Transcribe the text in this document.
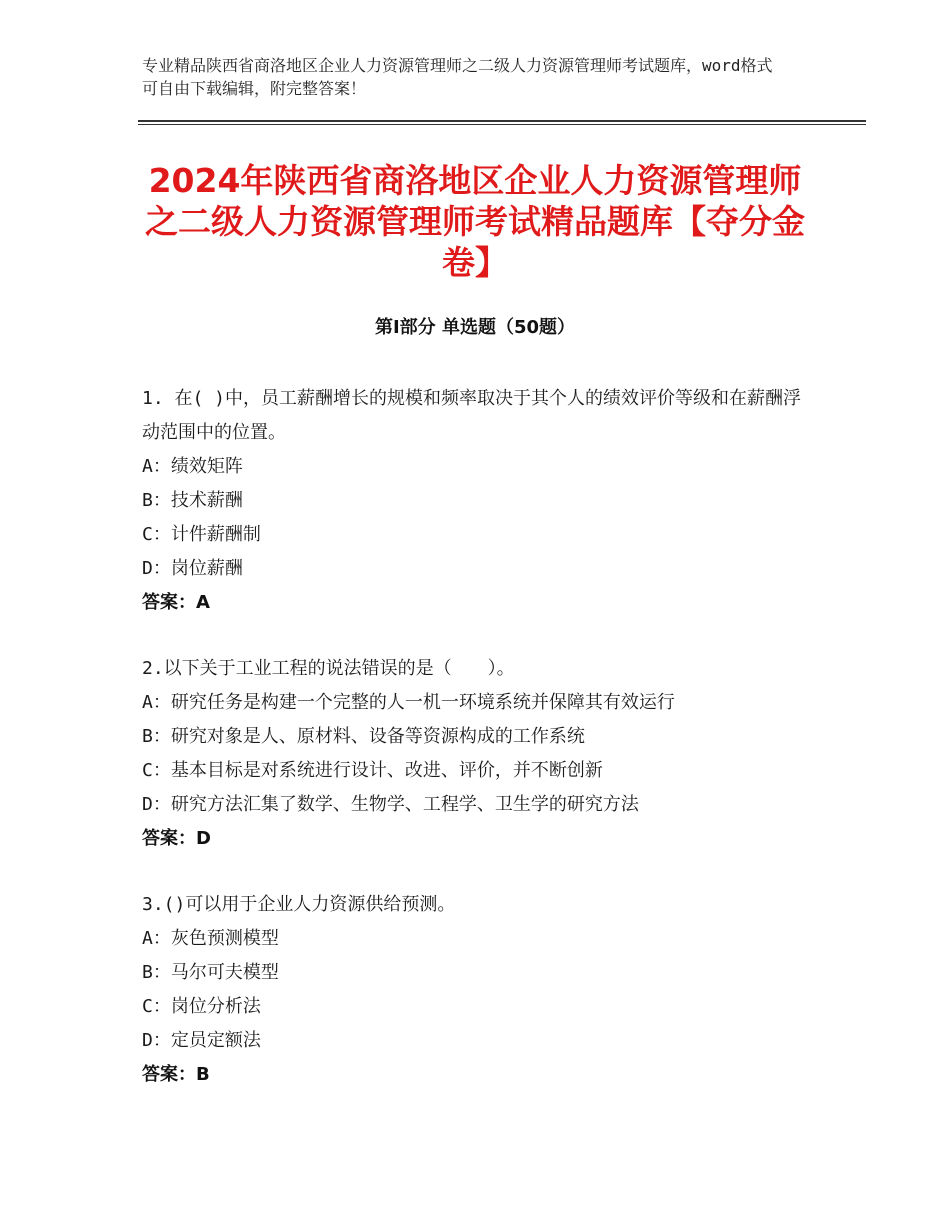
专业精品陕西省商洛地区企业人力资源管理师之二级人力资源管理师考试题库，word格式可自由下载编辑，附完整答案！
2024年陕西省商洛地区企业人力资源管理师之二级人力资源管理师考试精品题库【夺分金卷】
第Ⅰ部分 单选题（50题）
1. 在( )中，员工薪酬增长的规模和频率取决于其个人的绩效评价等级和在薪酬浮动范围中的位置。
A：绩效矩阵
B：技术薪酬
C：计件薪酬制
D：岗位薪酬
答案：A
2.以下关于工业工程的说法错误的是（　　）。
A：研究任务是构建一个完整的人一机一环境系统并保障其有效运行
B：研究对象是人、原材料、设备等资源构成的工作系统
C：基本目标是对系统进行设计、改进、评价，并不断创新
D：研究方法汇集了数学、生物学、工程学、卫生学的研究方法
答案：D
3.()可以用于企业人力资源供给预测。
A：灰色预测模型
B：马尔可夫模型
C：岗位分析法
D：定员定额法
答案：B
